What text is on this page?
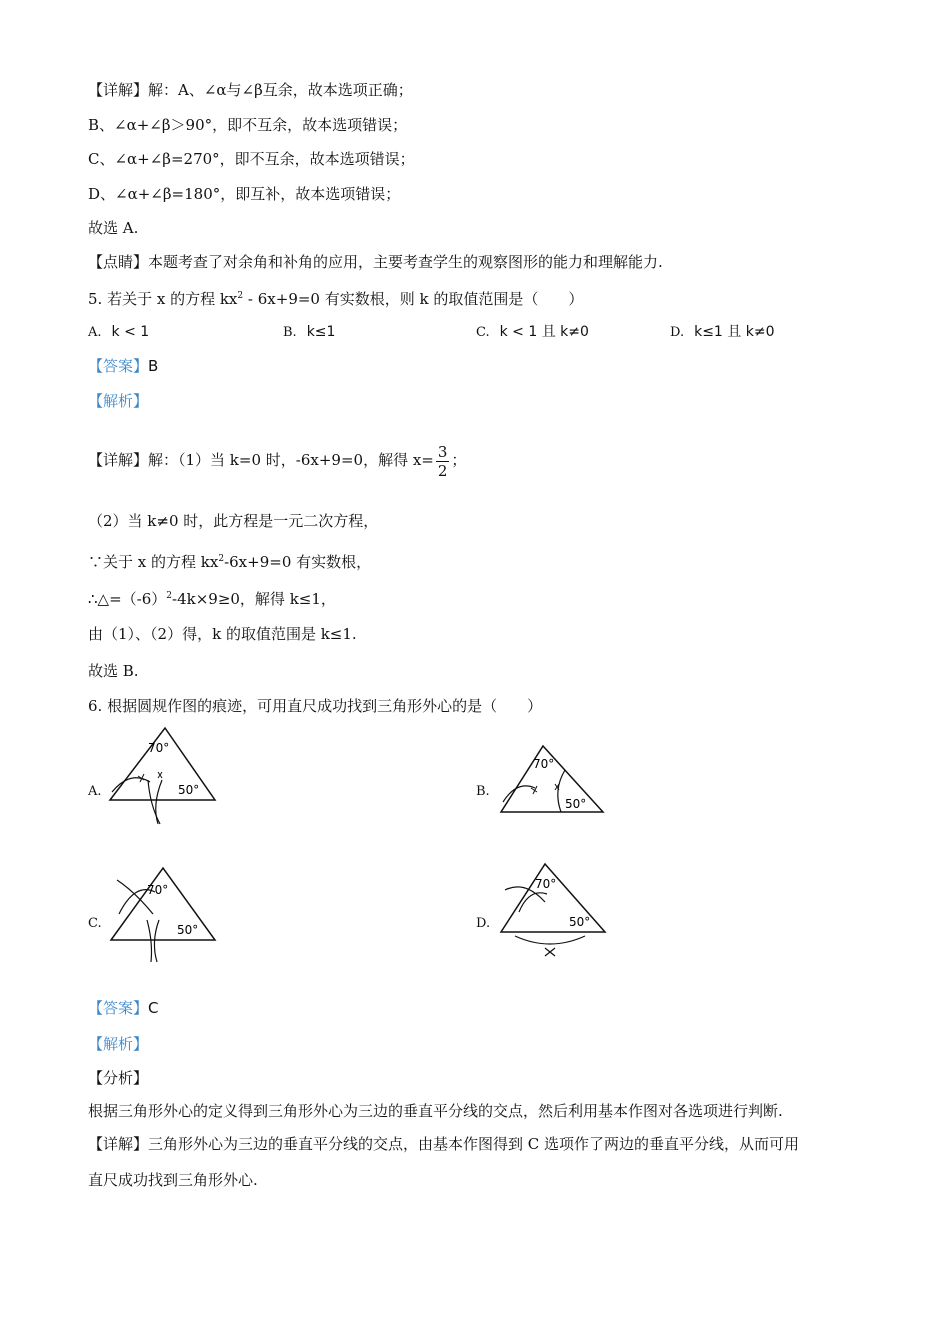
【详解】解：A、∠α与∠β互余，故本选项正确；
B、∠α+∠β＞90°，即不互余，故本选项错误；
C、∠α+∠β=270°，即不互余，故本选项错误；
D、∠α+∠β=180°，即互补，故本选项错误；
故选 A.
【点睛】本题考查了对余角和补角的应用，主要考查学生的观察图形的能力和理解能力.
5. 若关于 x 的方程 $kx^2 - 6x+9=0$ 有实数根，则 k 的取值范围是（　　）
A. k < 1	B. k≤1	C. k < 1 且 k≠0	D. k≤1 且 k≠0
【答案】B
【解析】
【详解】解：（1）当 k=0 时，-6x+9=0，解得 $x= \frac{3}{2}$ ；
（2）当 k≠0 时，此方程是一元二次方程，
∵关于 x 的方程 $kx^2-6x+9=0$ 有实数根，
$\therefore\triangle=(-6)^2-4k\times 9\ge 0$，解得 k≤1，
由（1）、（2）得，k 的取值范围是 k≤1.
故选 B.
6. 根据圆规作图的痕迹，可用直尺成功找到三角形外心的是（　　）
A.
70°
50°	B.
70°
50°
C.
70°
50°	D.
70°
50°
【答案】C
【解析】
【分析】
根据三角形外心的定义得到三角形外心为三边的垂直平分线的交点，然后利用基本作图对各选项进行判断.
【详解】三角形外心为三边的垂直平分线的交点，由基本作图得到 C 选项作了两边的垂直平分线，从而可用
直尺成功找到三角形外心.
